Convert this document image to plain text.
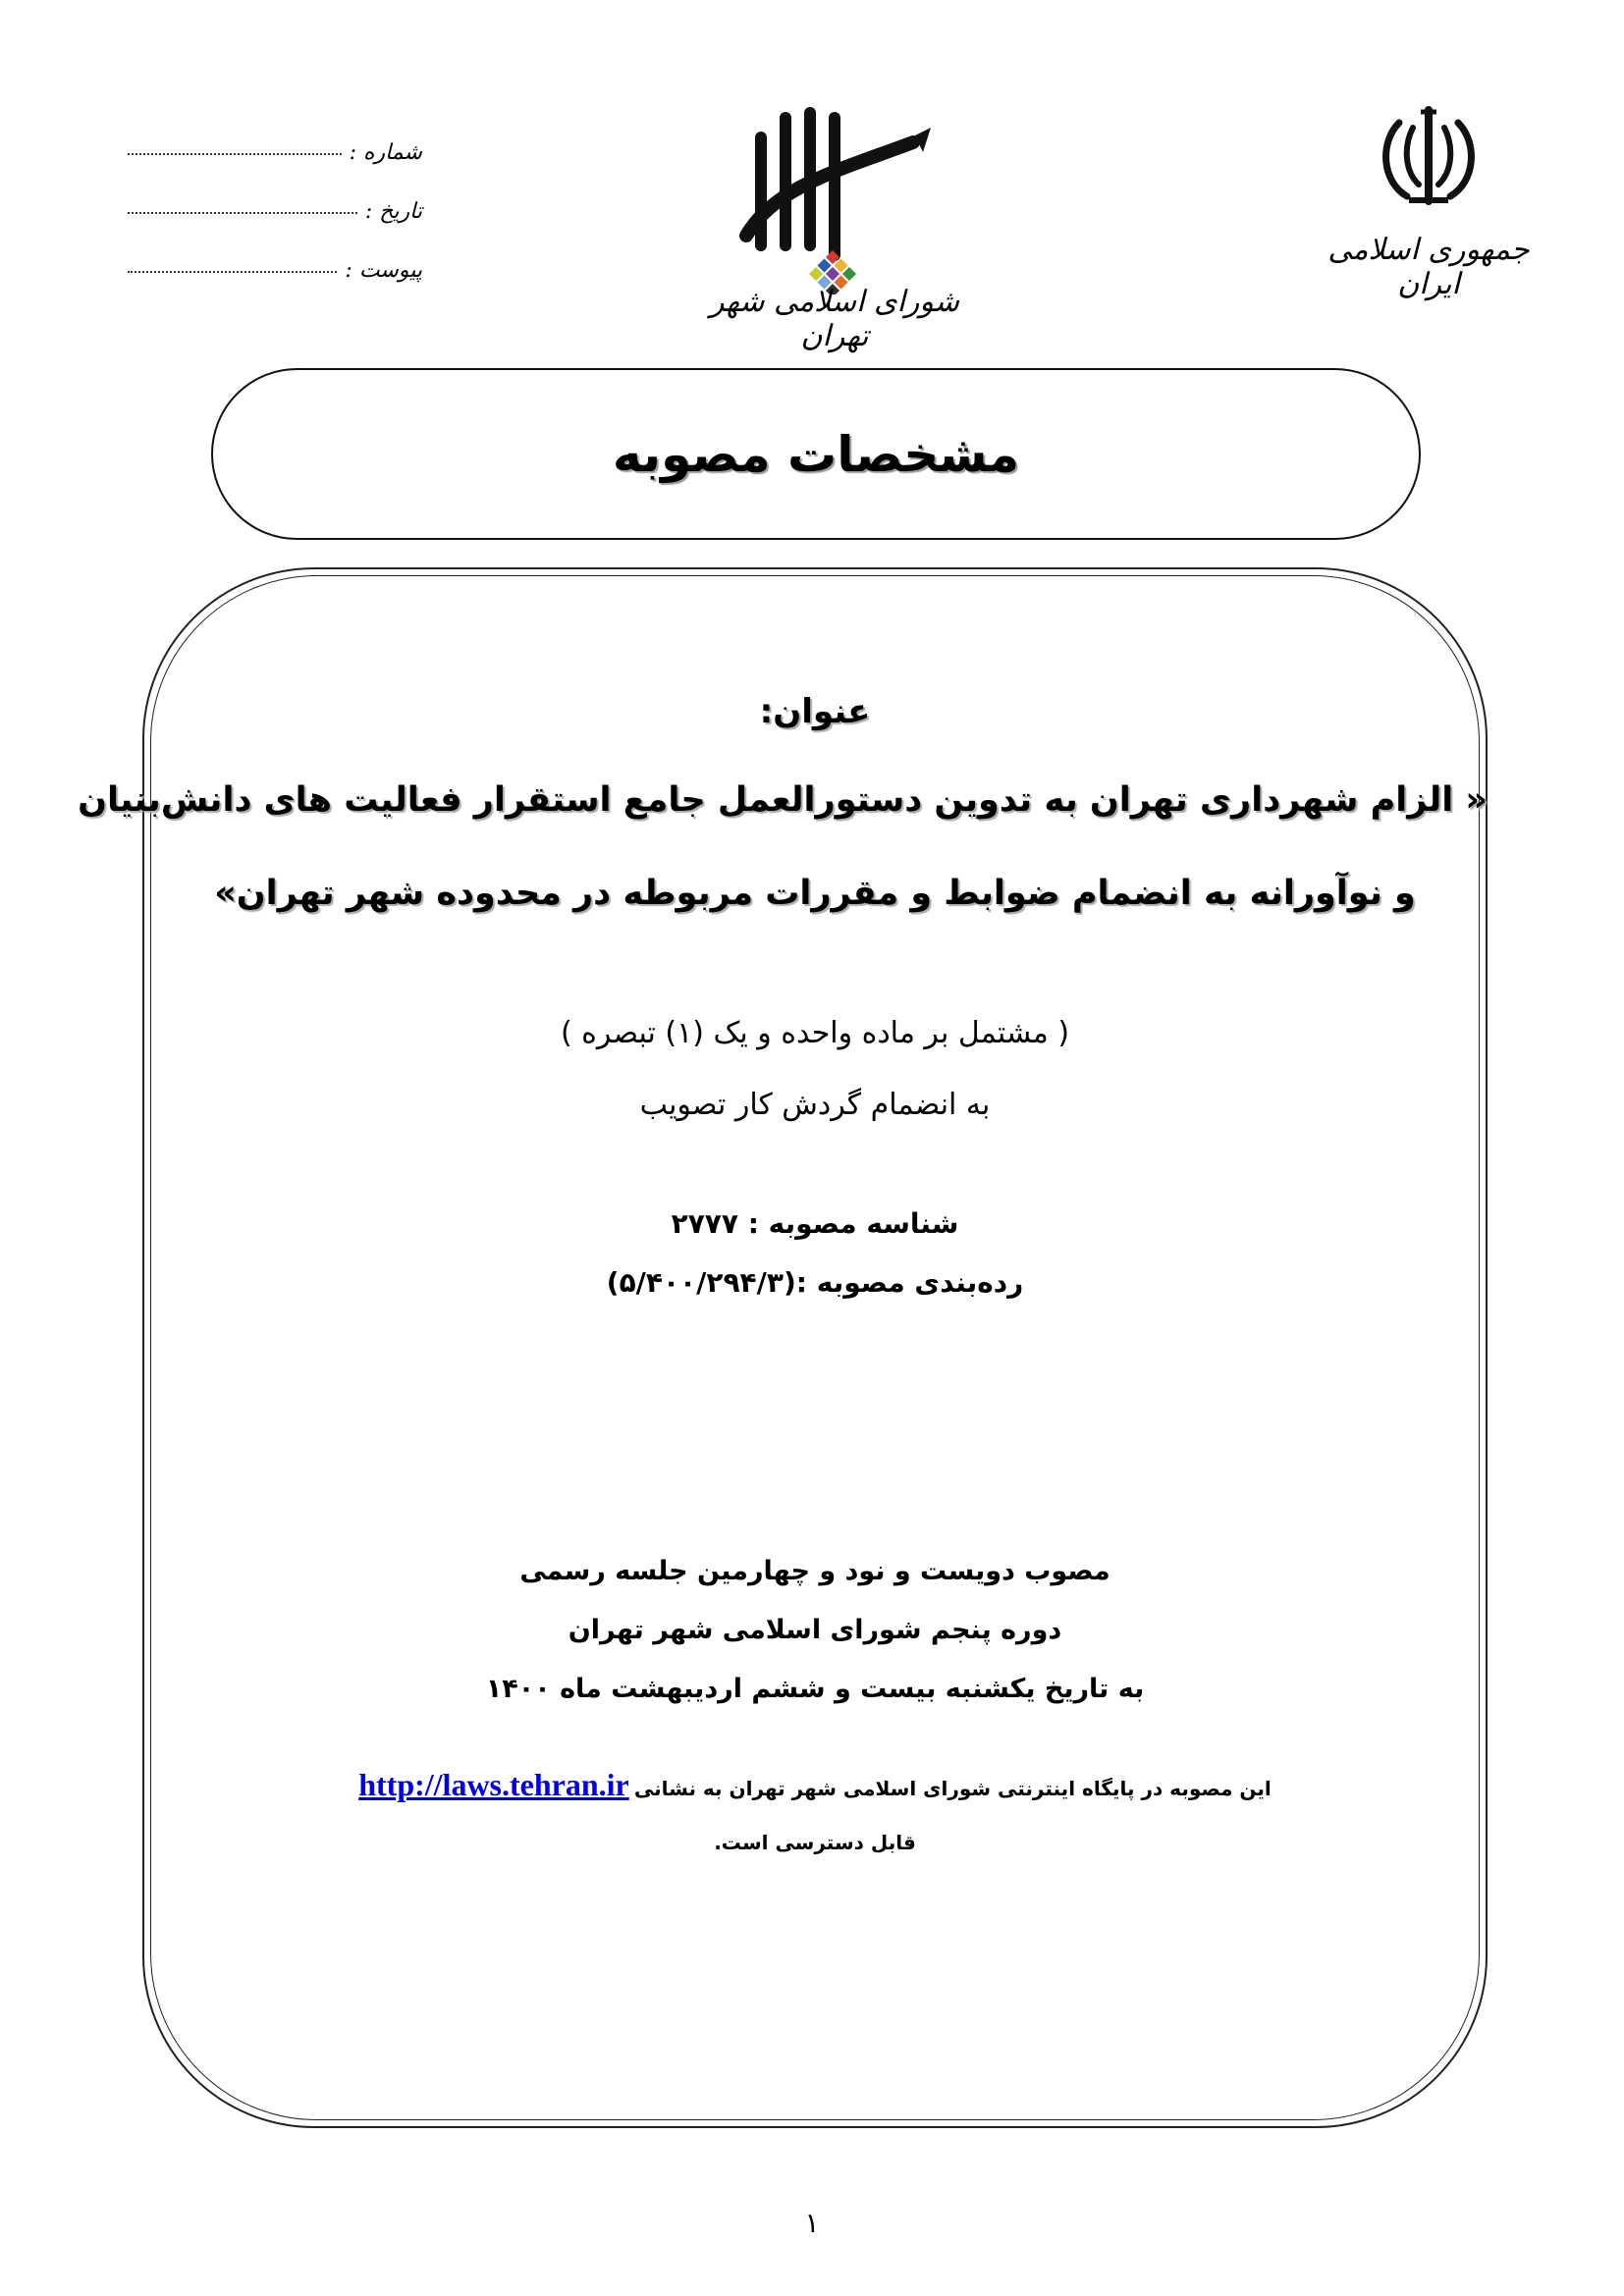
شماره :
تاریخ :
پیوست :
شورای اسلامی شهر تهران
جمهوری اسلامی ایران
مشخصات مصوبه
عنوان:
« الزام شهرداری تهران به تدوین دستورالعمل جامع استقرار فعالیت های دانش‌بنیان
و نوآورانه به انضمام ضوابط و مقررات مربوطه در محدوده شهر تهران»
( مشتمل بر ماده واحده و یک (۱) تبصره )
به انضمام گردش کار تصویب
شناسه مصوبه : ۲۷۷۷
رده‌بندی مصوبه :(۵/۴۰۰/۲۹۴/۳)
مصوب دویست و نود و چهارمین جلسه رسمی
دوره پنجم شورای اسلامی شهر تهران
به تاریخ یکشنبه بیست و ششم اردیبهشت ماه ۱۴۰۰
این مصوبه در پایگاه اینترنتی شورای اسلامی شهر تهران به نشانی http://laws.tehran.ir
قابل دسترسی است.
۱
